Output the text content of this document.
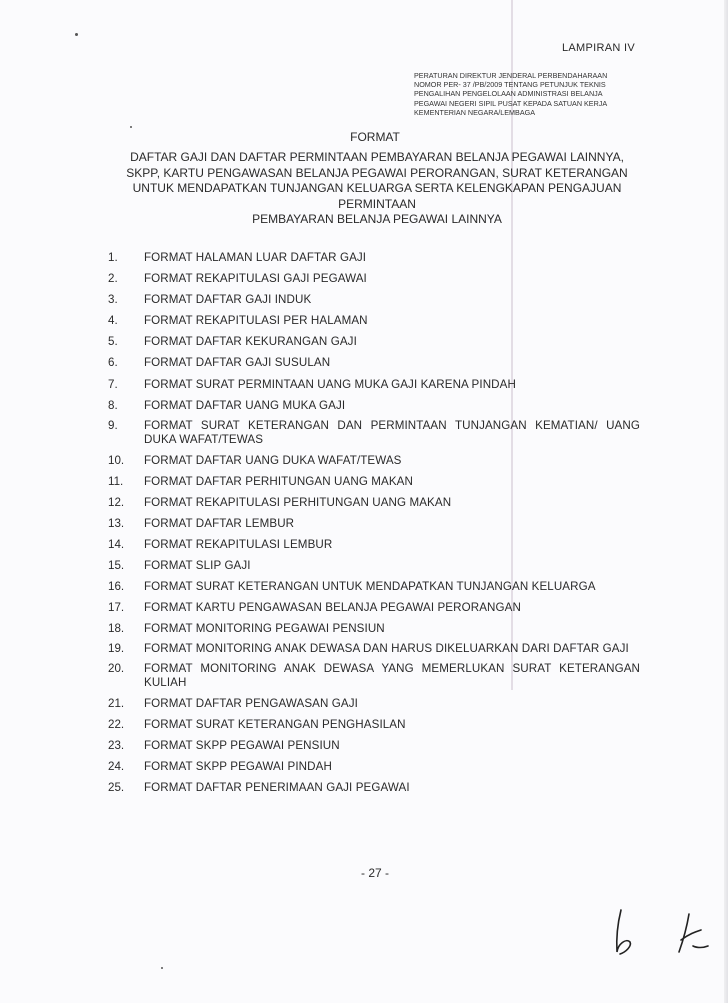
LAMPIRAN IV
PERATURAN DIREKTUR JENDERAL PERBENDAHARAAN
NOMOR PER- 37 /PB/2009 TENTANG PETUNJUK TEKNIS
PENGALIHAN PENGELOLAAN ADMINISTRASI BELANJA
PEGAWAI NEGERI SIPIL PUSAT KEPADA SATUAN KERJA
KEMENTERIAN NEGARA/LEMBAGA
FORMAT
DAFTAR GAJI DAN DAFTAR PERMINTAAN PEMBAYARAN BELANJA PEGAWAI LAINNYA,
SKPP, KARTU PENGAWASAN BELANJA PEGAWAI PERORANGAN, SURAT KETERANGAN
UNTUK MENDAPATKAN TUNJANGAN KELUARGA SERTA KELENGKAPAN PENGAJUAN
PERMINTAAN
PEMBAYARAN BELANJA PEGAWAI LAINNYA
1.	FORMAT HALAMAN LUAR DAFTAR GAJI
2.	FORMAT REKAPITULASI GAJI PEGAWAI
3.	FORMAT DAFTAR GAJI INDUK
4.	FORMAT REKAPITULASI PER HALAMAN
5.	FORMAT DAFTAR KEKURANGAN GAJI
6.	FORMAT DAFTAR GAJI SUSULAN
7.	FORMAT SURAT PERMINTAAN UANG MUKA GAJI KARENA PINDAH
8.	FORMAT DAFTAR UANG MUKA GAJI
9.	FORMAT SURAT KETERANGAN DAN PERMINTAAN TUNJANGAN KEMATIAN/ UANG DUKA WAFAT/TEWAS
10.	FORMAT DAFTAR UANG DUKA WAFAT/TEWAS
11.	FORMAT DAFTAR PERHITUNGAN UANG MAKAN
12.	FORMAT REKAPITULASI PERHITUNGAN UANG MAKAN
13.	FORMAT DAFTAR LEMBUR
14.	FORMAT REKAPITULASI LEMBUR
15.	FORMAT SLIP GAJI
16.	FORMAT SURAT KETERANGAN UNTUK MENDAPATKAN TUNJANGAN KELUARGA
17.	FORMAT KARTU PENGAWASAN BELANJA PEGAWAI PERORANGAN
18.	FORMAT MONITORING PEGAWAI PENSIUN
19.	FORMAT MONITORING ANAK DEWASA DAN HARUS DIKELUARKAN DARI DAFTAR GAJI
20.	FORMAT MONITORING ANAK DEWASA YANG MEMERLUKAN SURAT KETERANGAN KULIAH
21.	FORMAT DAFTAR PENGAWASAN GAJI
22.	FORMAT SURAT KETERANGAN PENGHASILAN
23.	FORMAT SKPP PEGAWAI PENSIUN
24.	FORMAT SKPP PEGAWAI PINDAH
25.	FORMAT DAFTAR PENERIMAAN GAJI PEGAWAI
- 27 -
